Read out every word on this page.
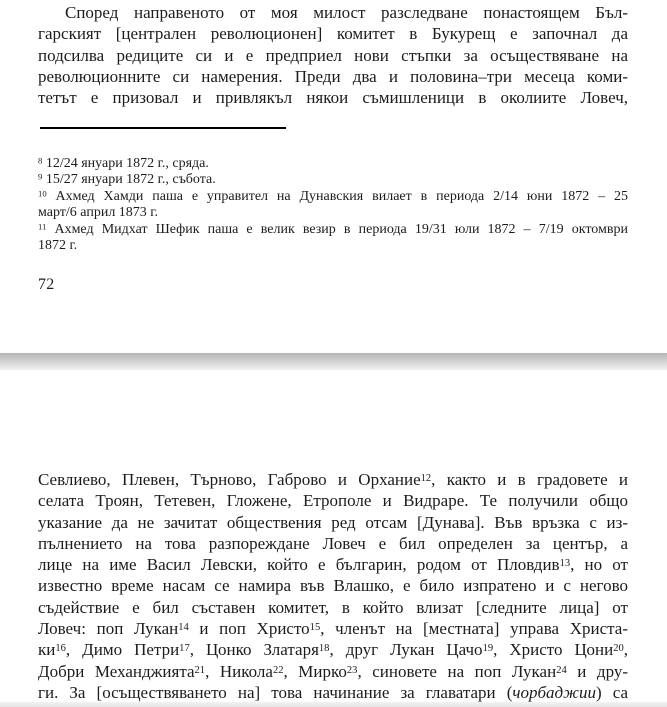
Според направеното от моя милост разследване понастоящем Бъл-
гарският [централен революционен] комитет в Букурещ е започнал да
подсилва редиците си и е предприел нови стъпки за осъществяване на
революционните си намерения. Преди два и половина–три месеца коми-
тетът е призовал и привлякъл някои съмишленици в околиите Ловеч,
$^8$ 12/24 януари 1872 г., сряда.
$^9$ 15/27 януари 1872 г., събота.
$^{10}$ Ахмед Хамди паша е управител на Дунавския вилает в периода 2/14 юни 1872 – 25
март/6 април 1873 г.
$^{11}$ Ахмед Мидхат Шефик паша е велик везир в периода 19/31 юли 1872 – 7/19 октомври
1872 г.
72
Севлиево, Плевен, Търново, Габрово и Орхание$^{12}$, както и в градовете и
селата Троян, Тетевен, Гложене, Етрополе и Видраре. Те получили общо
указание да не зачитат обществения ред отсам [Дунава]. Във връзка с из-
пълнението на това разпореждане Ловеч е бил определен за център, а
лице на име Васил Левски, който е българин, родом от Пловдив$^{13}$, но от
известно време насам се намира във Влашко, е било изпратено и с негово
съдействие е бил съставен комитет, в който влизат [следните лица] от
Ловеч: поп Лукан$^{14}$ и поп Христо$^{15}$, членът на [местната] управа Христа-
$ки^{16}$, Димо Петри$^{17}$, Цонко Златаря$^{18}$, друг Лукан Цачо$^{19}$, Христо Цони$^{20}$,
Добри Механджията$^{21}$, Никола$^{22}$, Мирко$^{23}$, синовете на поп Лукан$^{24}$ и дру-
ги. За [осъществяването на] това начинание за главатари (чорбаджии) са
